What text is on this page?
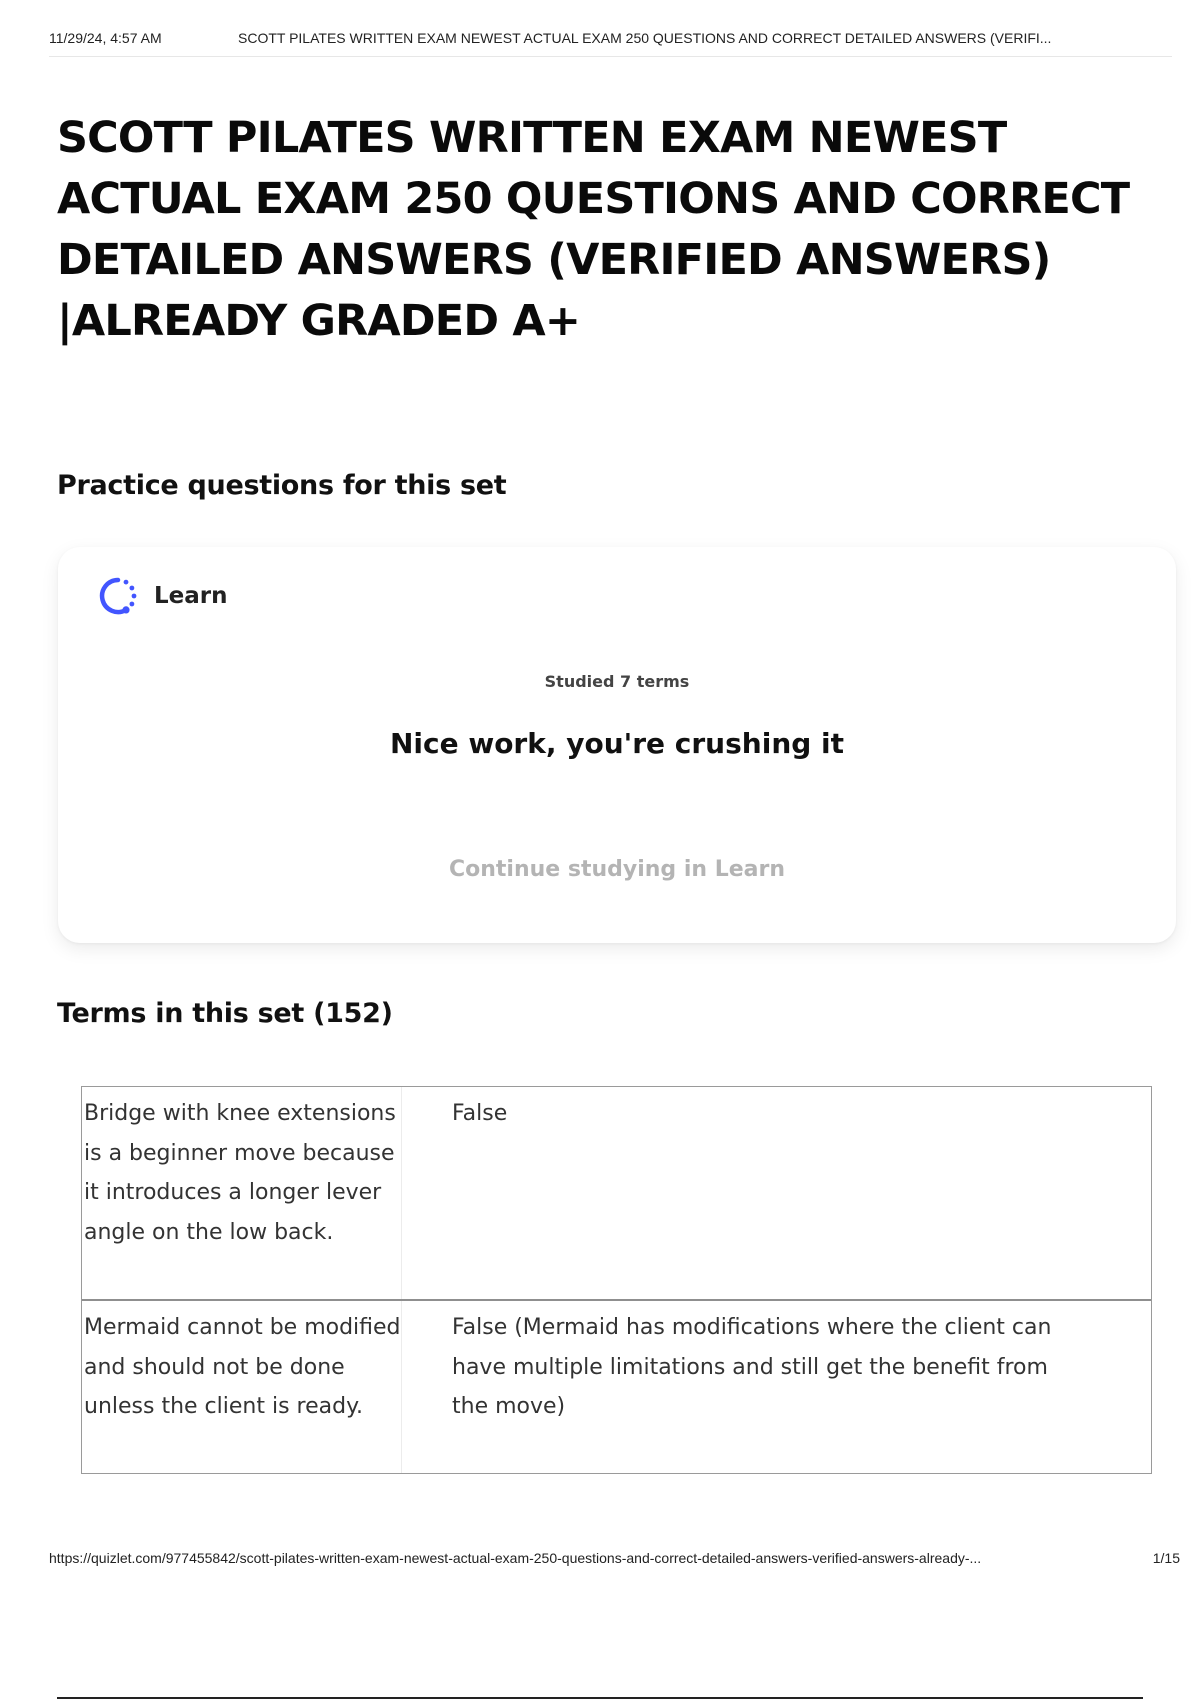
11/29/24, 4:57 AM	SCOTT PILATES WRITTEN EXAM NEWEST ACTUAL EXAM 250 QUESTIONS AND CORRECT DETAILED ANSWERS (VERIFI...
SCOTT PILATES WRITTEN EXAM NEWEST ACTUAL EXAM 250 QUESTIONS AND CORRECT DETAILED ANSWERS (VERIFIED ANSWERS) |ALREADY GRADED A+
Practice questions for this set
Learn
Studied 7 terms
Nice work, you're crushing it
Continue studying in Learn
Terms in this set (152)
Bridge with knee extensions is a beginner move because it introduces a longer lever angle on the low back.
False
Mermaid cannot be modified and should not be done unless the client is ready.
False (Mermaid has modifications where the client can have multiple limitations and still get the benefit from the move)
https://quizlet.com/977455842/scott-pilates-written-exam-newest-actual-exam-250-questions-and-correct-detailed-answers-verified-answers-already-...	1/15
